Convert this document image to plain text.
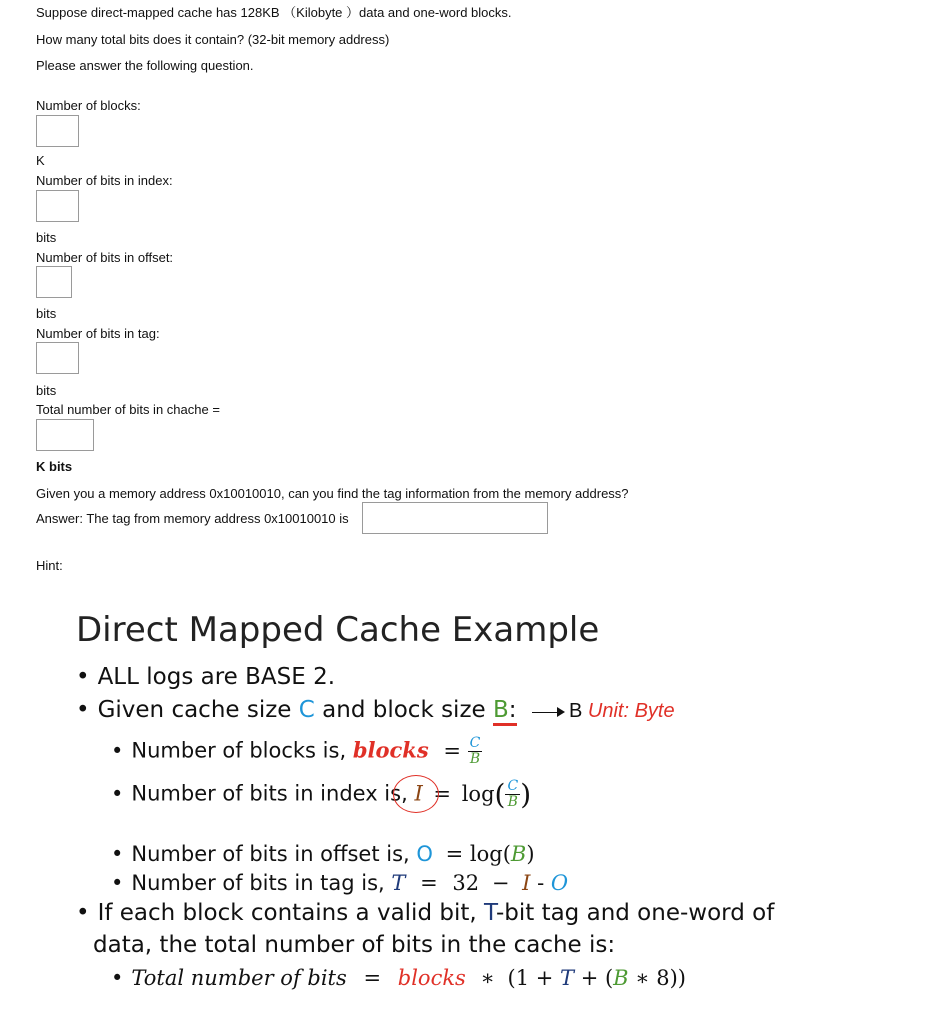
Suppose direct-mapped cache has 128KB （Kilobyte ）data and one-word blocks.
How many total bits does it contain? (32-bit memory address)
Please answer the following question.
Number of blocks:
K
Number of bits in index:
bits
Number of bits in offset:
bits
Number of bits in tag:
bits
Total number of bits in chache =
K bits
Given you a memory address 0x10010010, can you find the tag information from the memory address?
Answer: The tag from memory address 0x10010010 is
Hint:
Direct Mapped Cache Example
• ALL logs are BASE 2.
• Given cache size C and block size B:	B Unit: Byte
• Number of blocks is, blocks = $\frac{C}{B}$
• Number of bits in index is, $I = \log( \frac{C}{B}$ )
• Number of bits in offset is, O = log(B)
• Number of bits in tag is, T = 32 − I - O
• If each block contains a valid bit, T-bit tag and one-word of
data, the total number of bits in the cache is:
• Total number of bits = blocks ∗ (1 + T + (B ∗ 8))
